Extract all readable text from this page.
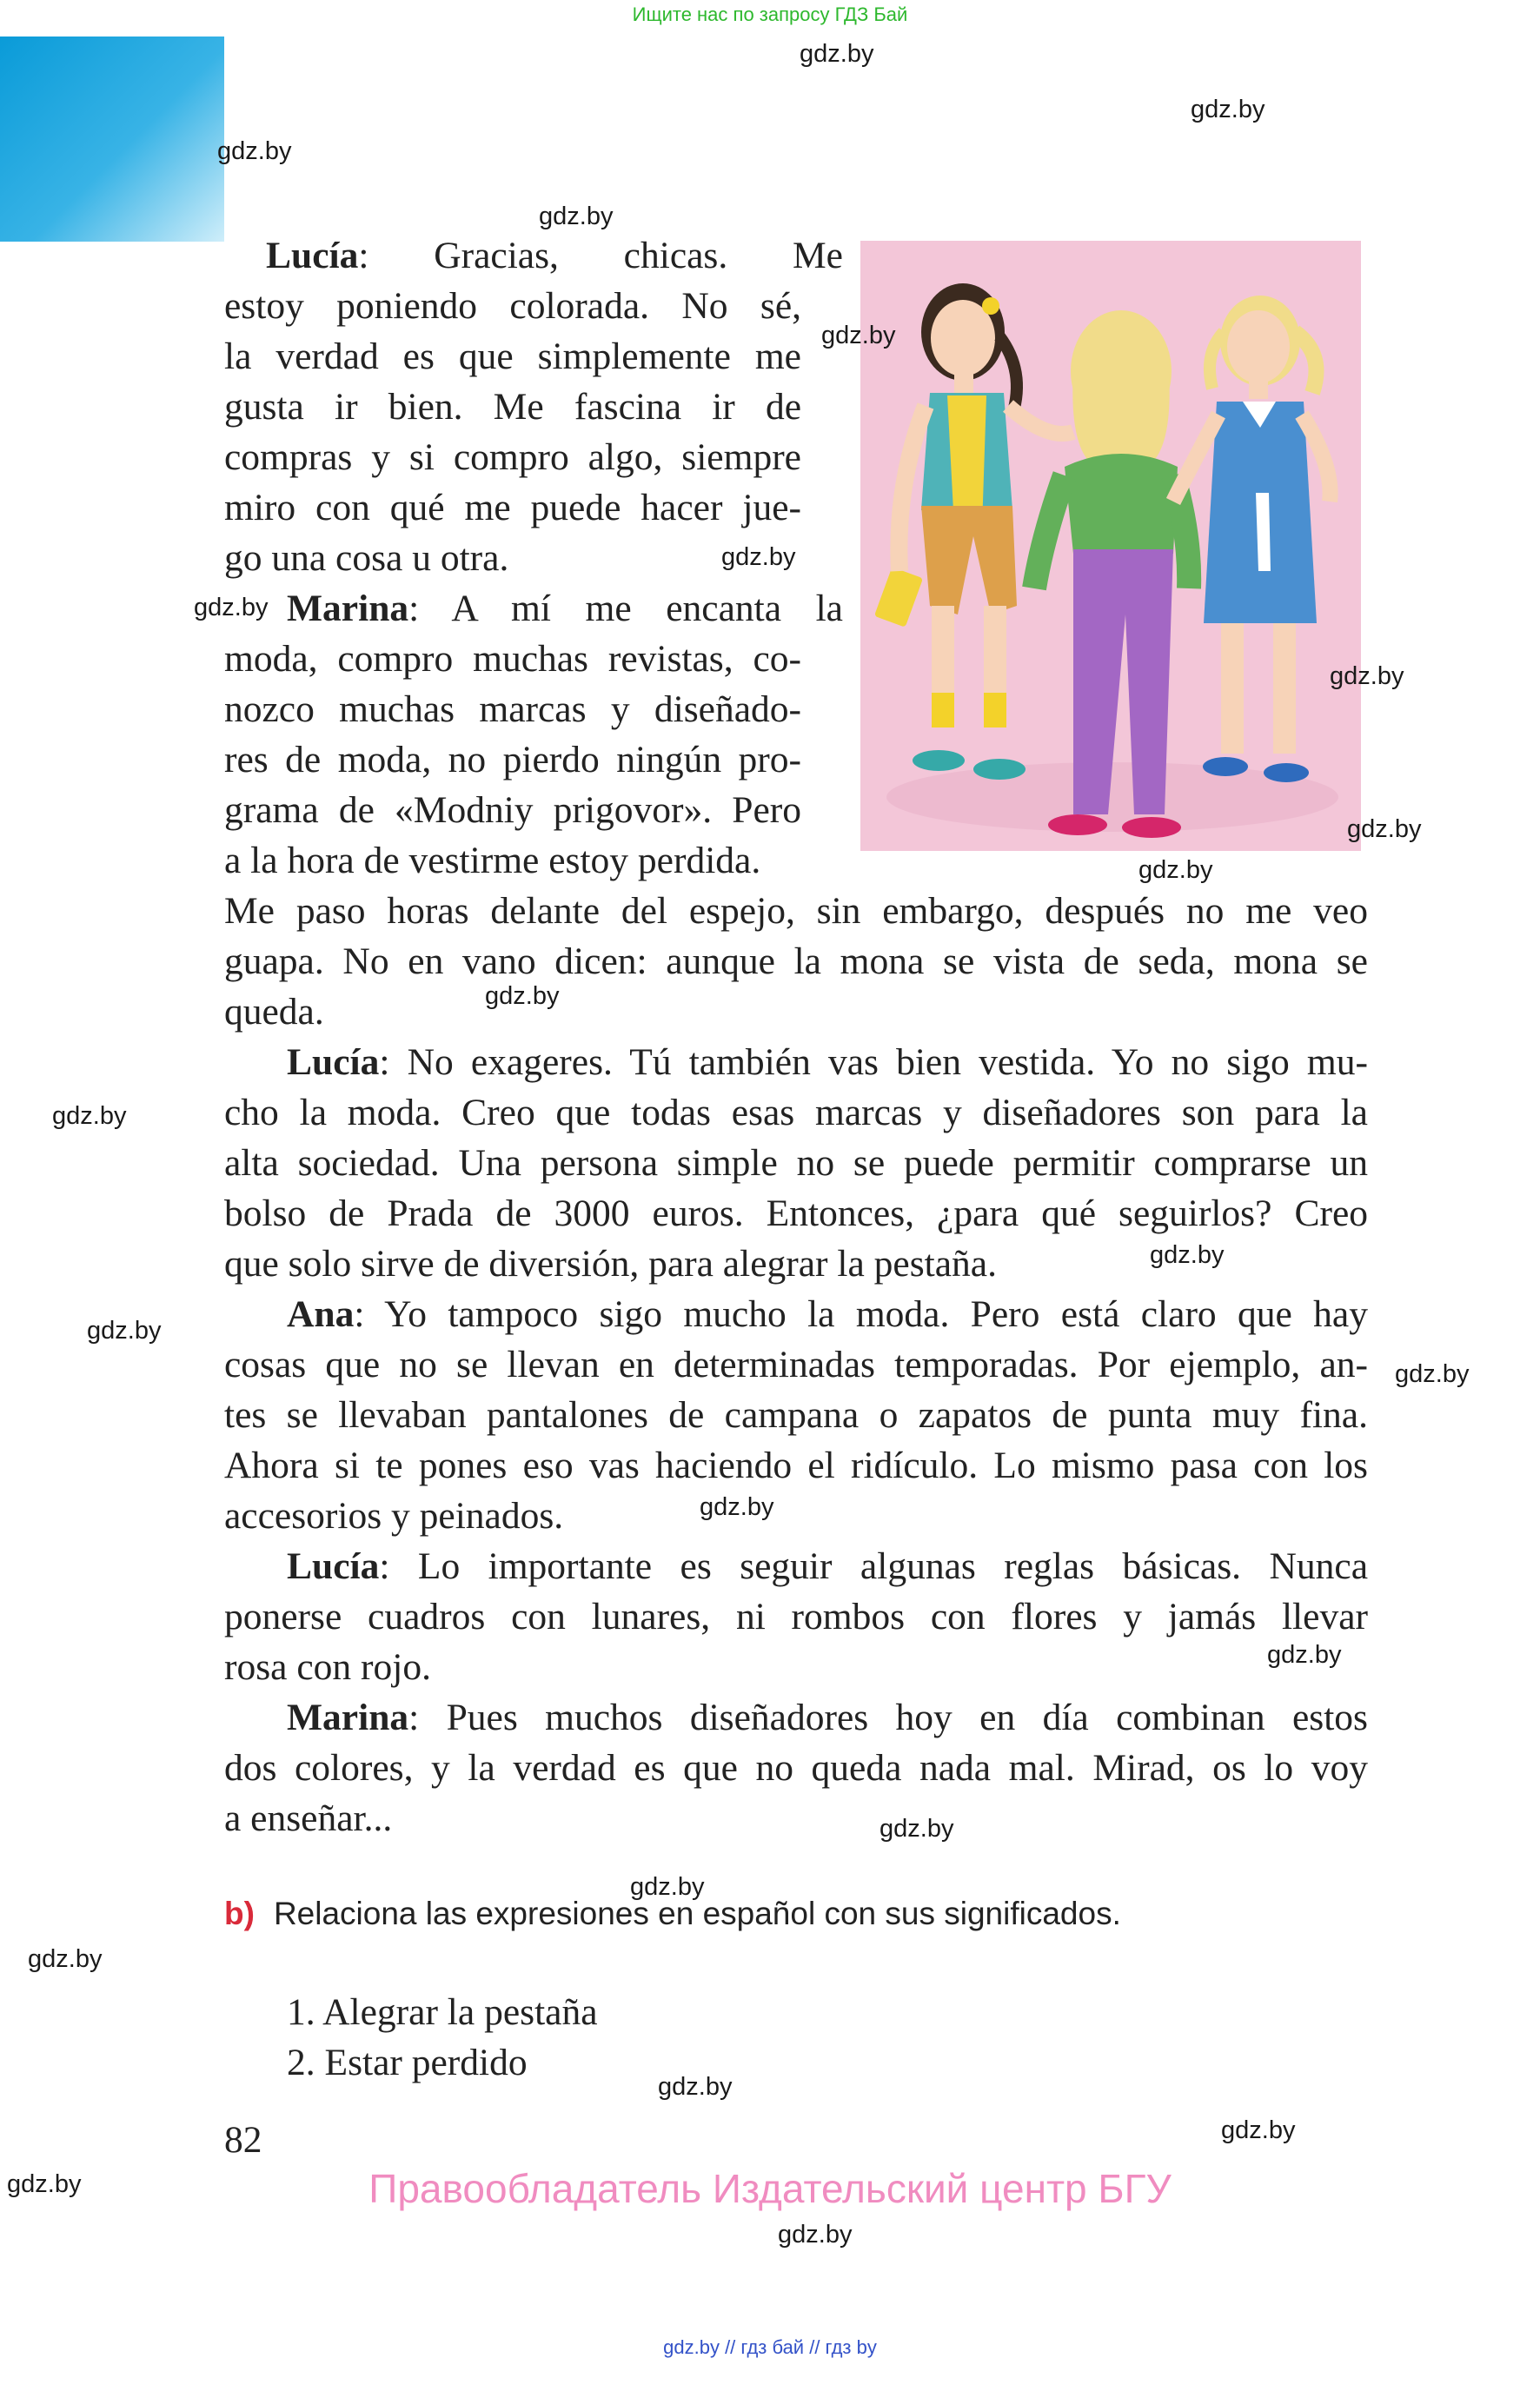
Ищите нас по запросу ГДЗ Бай
Lucía: Gracias, chicas. Me
estoy poniendo colorada. No sé,
la verdad es que simplemente me
gusta ir bien. Me fascina ir de
compras y si compro algo, siempre
miro con qué me puede hacer jue-
go una cosa u otra.
Marina: A mí me encanta la
moda, compro muchas revistas, co-
nozco muchas marcas y diseñado-
res de moda, no pierdo ningún pro-
grama de «Modniy prigovor». Pero
a la hora de vestirme estoy perdida.
Me paso horas delante del espejo, sin embargo, después no me veo
guapa. No en vano dicen: aunque la mona se vista de seda, mona se
queda.
Lucía: No exageres. Tú también vas bien vestida. Yo no sigo mu-
cho la moda. Creo que todas esas marcas y diseñadores son para la
alta sociedad. Una persona simple no se puede permitir comprarse un
bolso de Prada de 3000 euros. Entonces, ¿para qué seguirlos? Creo
que solo sirve de diversión, para alegrar la pestaña.
Ana: Yo tampoco sigo mucho la moda. Pero está claro que hay
cosas que no se llevan en determinadas temporadas. Por ejemplo, an-
tes se llevaban pantalones de campana o zapatos de punta muy fina.
Ahora si te pones eso vas haciendo el ridículo. Lo mismo pasa con los
accesorios y peinados.
Lucía: Lo importante es seguir algunas reglas básicas. Nunca
ponerse cuadros con lunares, ni rombos con flores y jamás llevar
rosa con rojo.
Marina: Pues muchos diseñadores hoy en día combinan estos
dos colores, y la verdad es que no queda nada mal. Mirad, os lo voy
a enseñar...
b) Relaciona las expresiones en español con sus significados.
1. Alegrar la pestaña
2. Estar perdido
82
Правообладатель Издательский центр БГУ
gdz.by // гдз бай // гдз by
gdz.by
gdz.by
gdz.by
gdz.by
gdz.by
gdz.by
gdz.by
gdz.by
gdz.by
gdz.by
gdz.by
gdz.by
gdz.by
gdz.by
gdz.by
gdz.by
gdz.by
gdz.by
gdz.by
gdz.by
gdz.by
gdz.by
gdz.by
gdz.by
